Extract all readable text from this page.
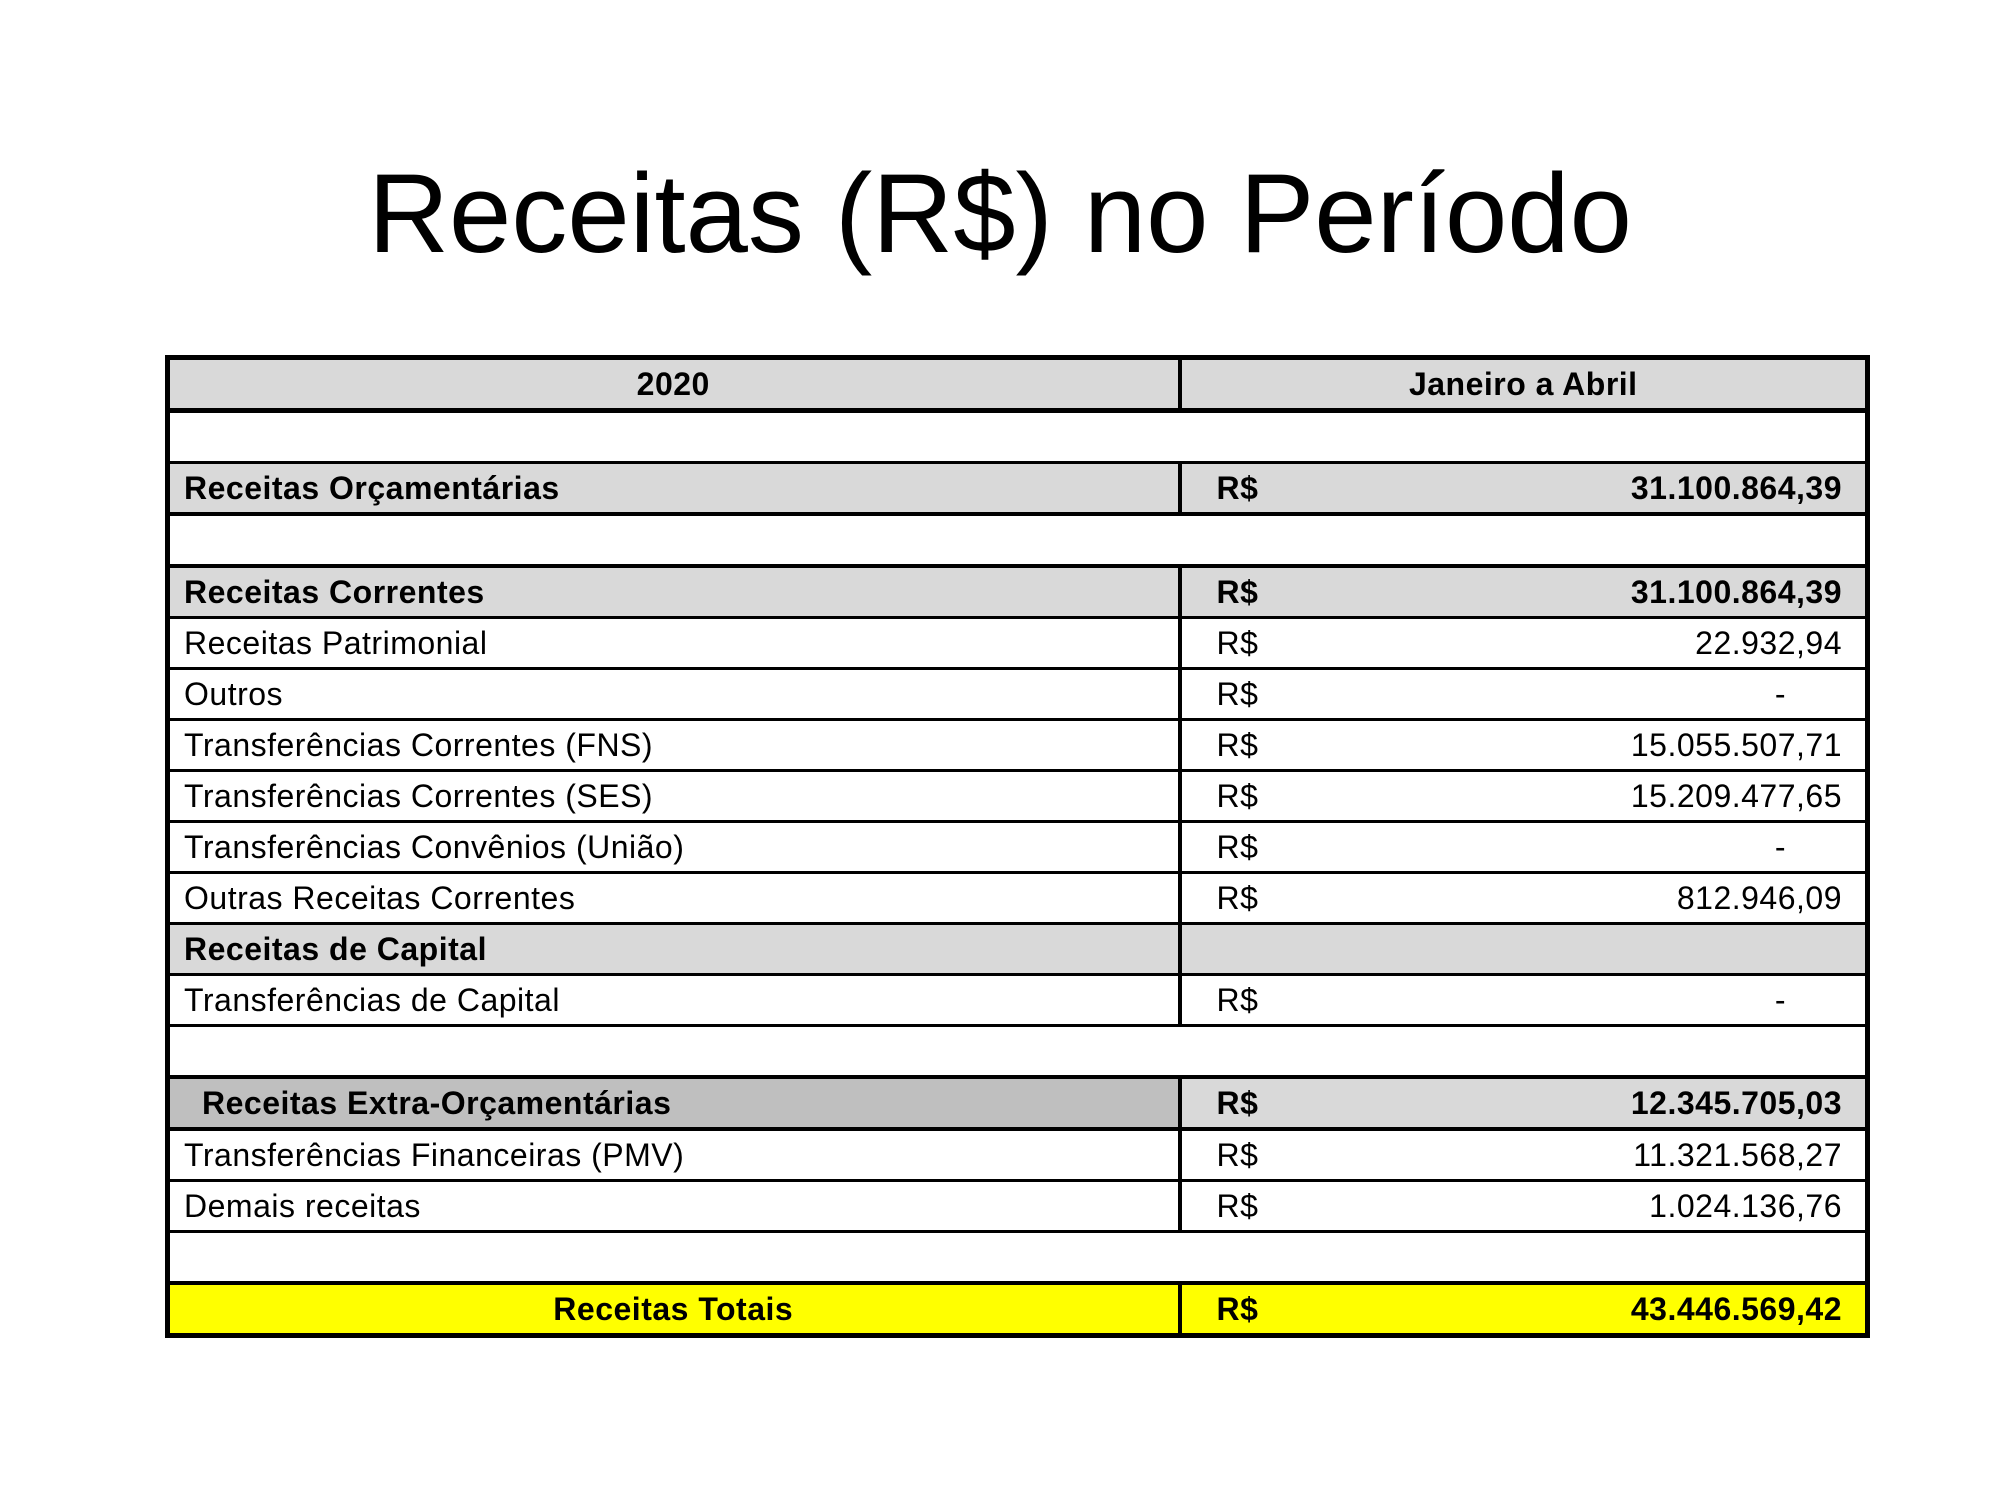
Receitas (R$) no Período
2020	Janeiro a Abril

Receitas Orçamentárias	R$ 31.100.864,39

Receitas Correntes	R$ 31.100.864,39

Receitas Patrimonial	R$ 22.932,94

Outros	R$ -

Transferências Correntes (FNS)	R$ 15.055.507,71

Transferências Correntes (SES)	R$ 15.209.477,65

Transferências Convênios (União)	R$ -

Outras Receitas Correntes	R$ 812.946,09

Receitas de Capital	

Transferências de Capital	R$ -

Receitas Extra-Orçamentárias	R$ 12.345.705,03

Transferências Financeiras (PMV)	R$ 11.321.568,27

Demais receitas	R$ 1.024.136,76

Receitas Totais	R$ 43.446.569,42
